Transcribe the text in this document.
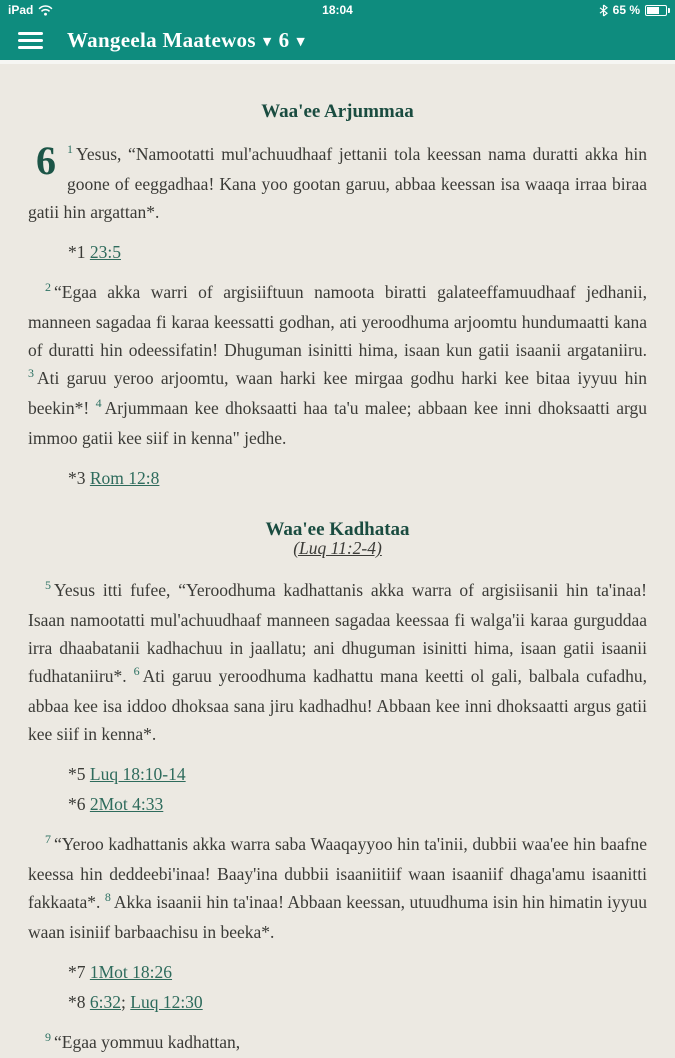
iPad	18:04	65 %
Wangeela Maatewos ▼ 6 ▼
Waa'ee Arjummaa

6 $^1$ Yesus, “Namootatti mul'achuudhaaf jettanii tola keessan nama duratti akka hin goone of eeggadhaa! Kana yoo gootan garuu, abbaa keessan isa waaqa irraa biraa gatii hin argattan*.

*1 23:5

$^2$ “Egaa akka warri of argisiiftuun namoota biratti galateeffamuudhaaf jedhanii, manneen sagadaa fi karaa keessatti godhan, ati yeroodhuma arjoomtu hundumaatti kana of duratti hin odeessifatin! Dhuguman isinitti hima, isaan kun gatii isaanii argataniiru. $^3$ Ati garuu yeroo arjoomtu, waan harki kee mirgaa godhu harki kee bitaa iyyuu hin beekin*! $^4$ Arjummaan kee dhoksaatti haa ta'u malee; abbaan kee inni dhoksaatti argu immoo gatii kee siif in kenna" jedhe.

*3 Rom 12:8
Waa'ee Kadhataa
(Luq 11:2-4)

$^5$ Yesus itti fufee, “Yeroodhuma kadhattanis akka warra of argisiisanii hin ta'inaa! Isaan namootatti mul'achuudhaaf manneen sagadaa keessaa fi walga'ii karaa gurguddaa irra dhaabatanii kadhachuu in jaallatu; ani dhuguman isinitti hima, isaan gatii isaanii fudhataniiru*. $^6$ Ati garuu yeroodhuma kadhattu mana keetti ol gali, balbala cufadhu, abbaa kee isa iddoo dhoksaa sana jiru kadhadhu! Abbaan kee inni dhoksaatti argus gatii kee siif in kenna*.

*5 Luq 18:10-14
*6 2Mot 4:33

$^7$ “Yeroo kadhattanis akka warra saba Waaqayyoo hin ta'inii, dubbii waa'ee hin baafne keessa hin deddeebi'inaa! Baay'ina dubbii isaaniitiif waan isaaniif dhaga'amu isaanitti fakkaata*. $^8$ Akka isaanii hin ta'inaa! Abbaan keessan, utuudhuma isin hin himatin iyyuu waan isiniif barbaachisu in beeka*.

*7 1Mot 18:26
*8 6:32; Luq 12:30

$^9$ “Egaa yommuu kadhattan,
